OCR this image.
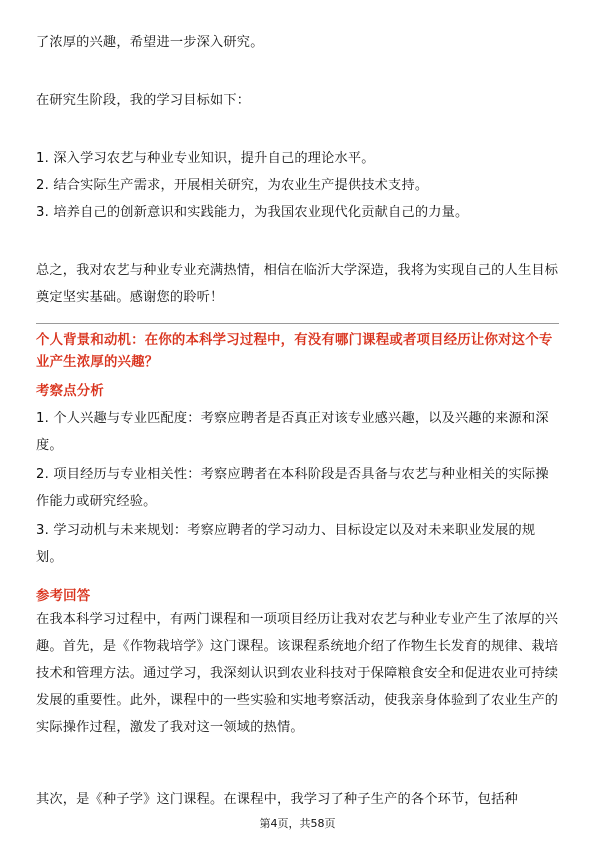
了浓厚的兴趣，希望进一步深入研究。

在研究生阶段，我的学习目标如下：

1. 深入学习农艺与种业专业知识，提升自己的理论水平。

2. 结合实际生产需求，开展相关研究，为农业生产提供技术支持。

3. 培养自己的创新意识和实践能力，为我国农业现代化贡献自己的力量。

总之，我对农艺与种业专业充满热情，相信在临沂大学深造，我将为实现自己的人生目标奠定坚实基础。感谢您的聆听！

个人背景和动机：在你的本科学习过程中，有没有哪门课程或者项目经历让你对这个专业产生浓厚的兴趣？

考察点分析

1. 个人兴趣与专业匹配度：考察应聘者是否真正对该专业感兴趣，以及兴趣的来源和深度。

2. 项目经历与专业相关性：考察应聘者在本科阶段是否具备与农艺与种业相关的实际操作能力或研究经验。

3. 学习动机与未来规划：考察应聘者的学习动力、目标设定以及对未来职业发展的规划。

参考回答

在我本科学习过程中，有两门课程和一项项目经历让我对农艺与种业专业产生了浓厚的兴趣。首先，是《作物栽培学》这门课程。该课程系统地介绍了作物生长发育的规律、栽培技术和管理方法。通过学习，我深刻认识到农业科技对于保障粮食安全和促进农业可持续发展的重要性。此外，课程中的一些实验和实地考察活动，使我亲身体验到了农业生产的实际操作过程，激发了我对这一领域的热情。

其次，是《种子学》这门课程。在课程中，我学习了种子生产的各个环节，包括种

第4页，共58页
